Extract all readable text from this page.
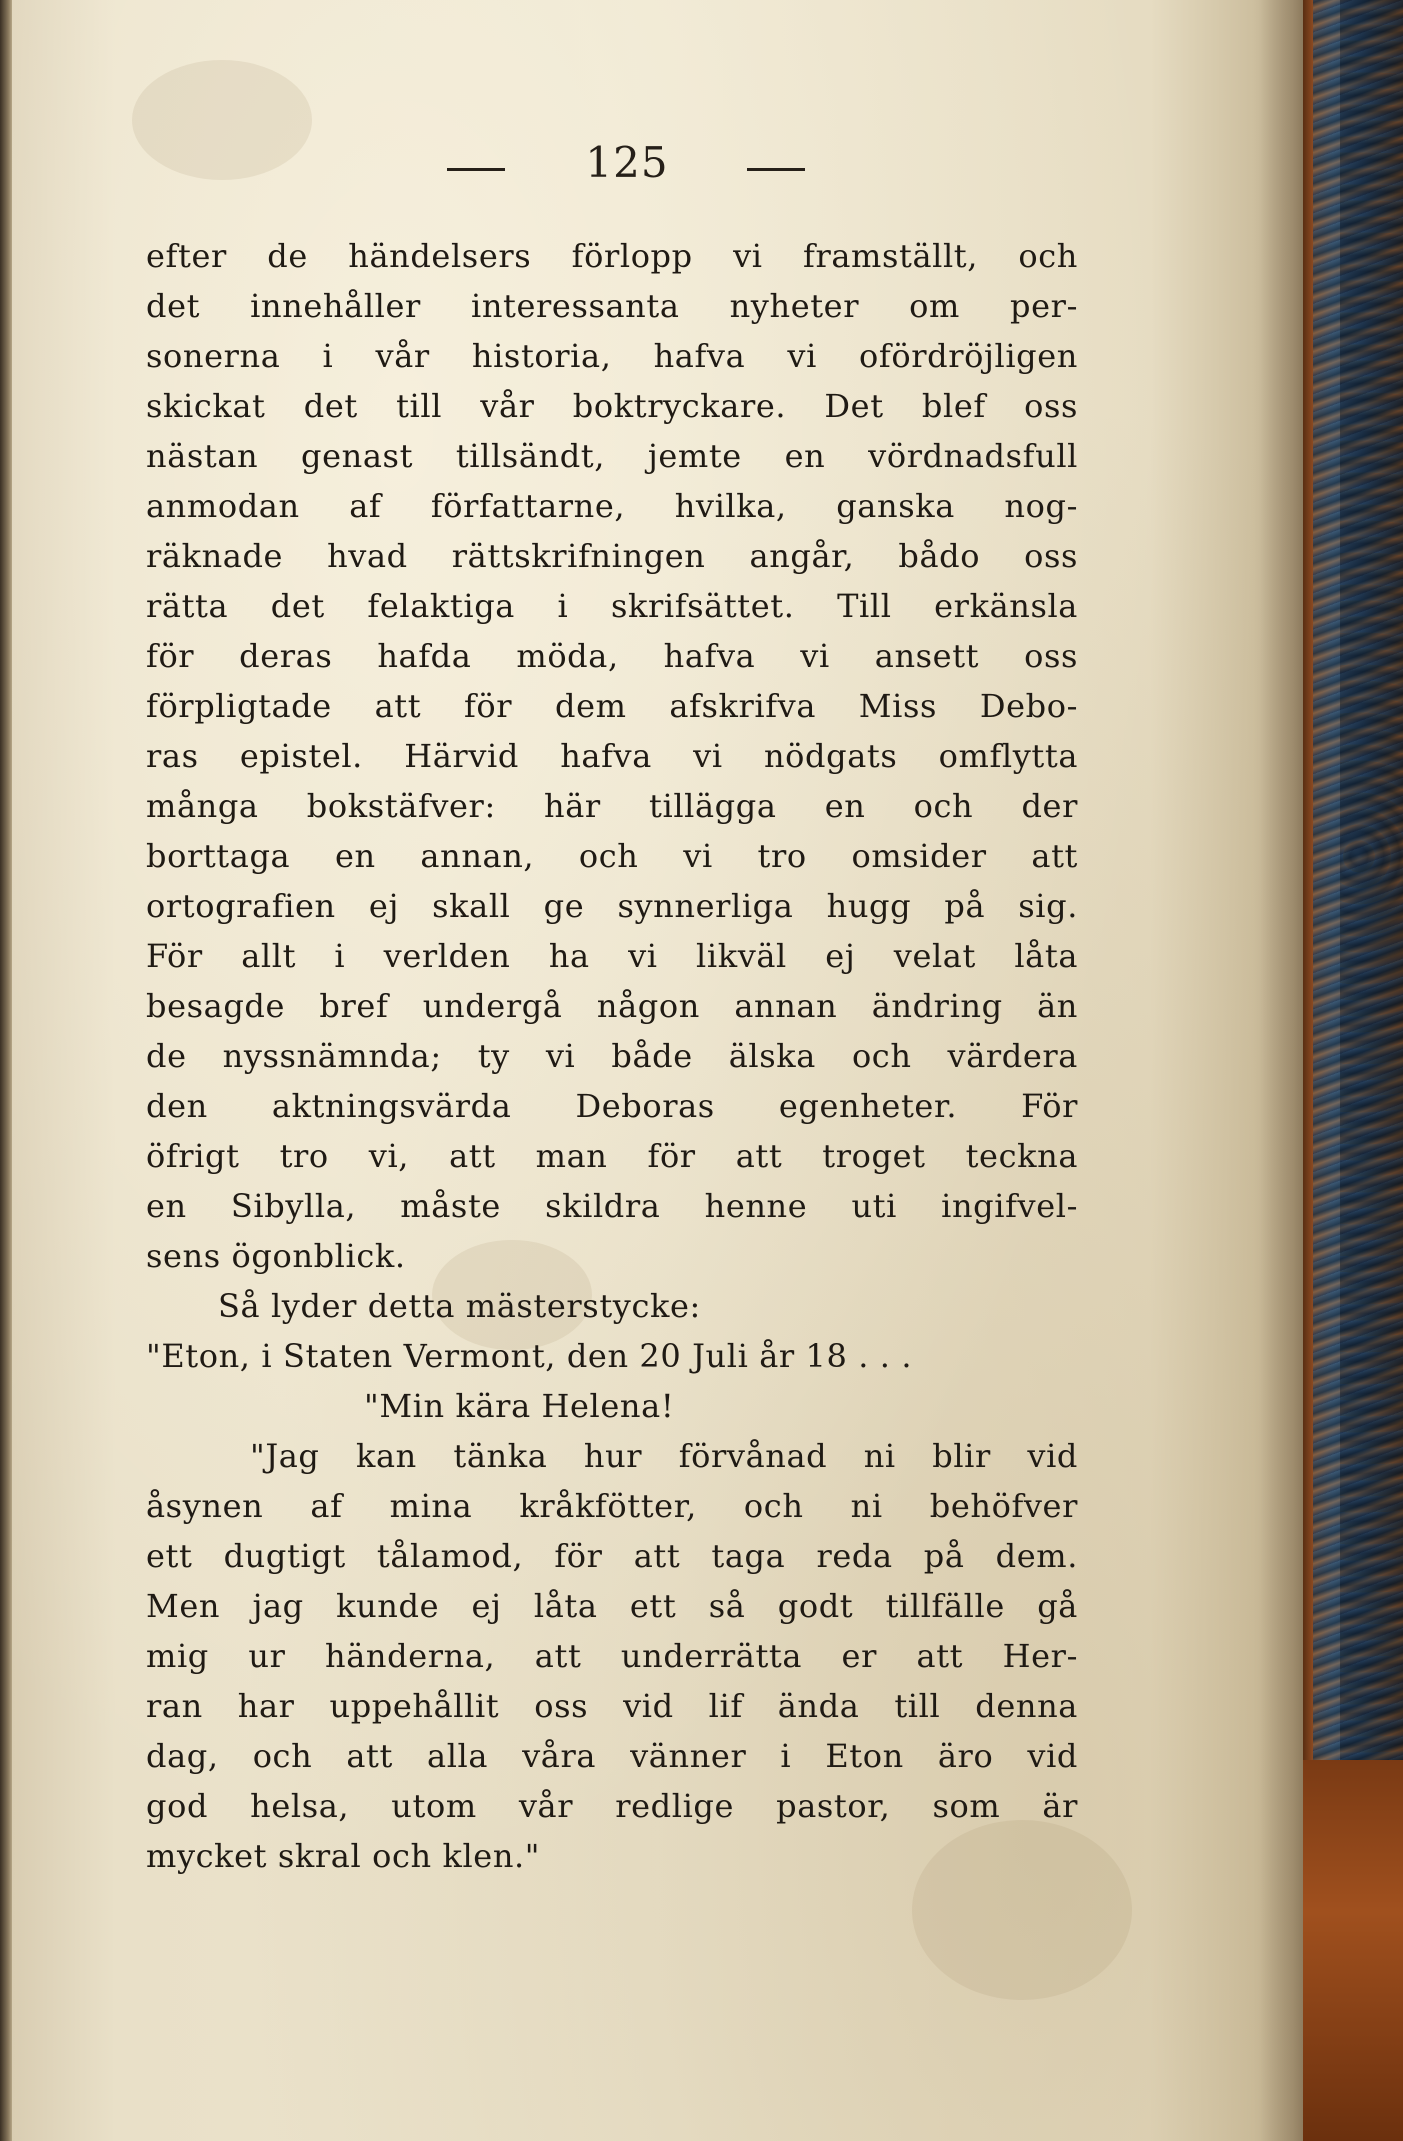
125
efter de händelsers förlopp vi framställt, och
det innehåller interessanta nyheter om per-
sonerna i vår historia, hafva vi ofördröjligen
skickat det till vår boktryckare. Det blef oss
nästan genast tillsändt, jemte en vördnadsfull
anmodan af författarne, hvilka, ganska nog-
räknade hvad rättskrifningen angår, bådo oss
rätta det felaktiga i skrifsättet. Till erkänsla
för deras hafda möda, hafva vi ansett oss
förpligtade att för dem afskrifva Miss Debo-
ras epistel. Härvid hafva vi nödgats omflytta
många bokstäfver: här tillägga en och der
borttaga en annan, och vi tro omsider att
ortografien ej skall ge synnerliga hugg på sig.
För allt i verlden ha vi likväl ej velat låta
besagde bref undergå någon annan ändring än
de nyssnämnda; ty vi både älska och värdera
den aktningsvärda Deboras egenheter. För
öfrigt tro vi, att man för att troget teckna
en Sibylla, måste skildra henne uti ingifvel-
sens ögonblick.
Så lyder detta mästerstycke:
"Eton, i Staten Vermont, den 20 Juli år 18 . . .
"Min kära Helena!
"Jag kan tänka hur förvånad ni blir vid
åsynen af mina kråkfötter, och ni behöfver
ett dugtigt tålamod, för att taga reda på dem.
Men jag kunde ej låta ett så godt tillfälle gå
mig ur händerna, att underrätta er att Her-
ran har uppehållit oss vid lif ända till denna
dag, och att alla våra vänner i Eton äro vid
god helsa, utom vår redlige pastor, som är
mycket skral och klen."
